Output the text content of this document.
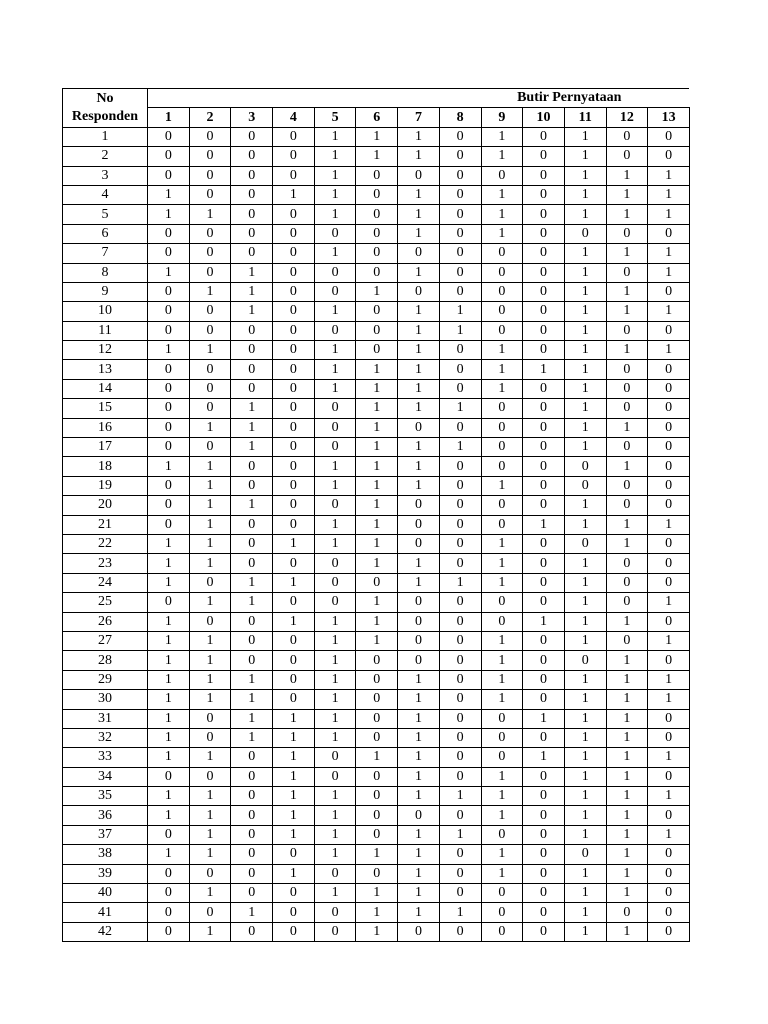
No
Responden	Butir Pernyataan												
	1	2	3	4	5	6	7	8	9	10	11	12	13
1	0	0	0	0	1	1	1	0	1	0	1	0	0
2	0	0	0	0	1	1	1	0	1	0	1	0	0
3	0	0	0	0	1	0	0	0	0	0	1	1	1
4	1	0	0	1	1	0	1	0	1	0	1	1	1
5	1	1	0	0	1	0	1	0	1	0	1	1	1
6	0	0	0	0	0	0	1	0	1	0	0	0	0
7	0	0	0	0	1	0	0	0	0	0	1	1	1
8	1	0	1	0	0	0	1	0	0	0	1	0	1
9	0	1	1	0	0	1	0	0	0	0	1	1	0
10	0	0	1	0	1	0	1	1	0	0	1	1	1
11	0	0	0	0	0	0	1	1	0	0	1	0	0
12	1	1	0	0	1	0	1	0	1	0	1	1	1
13	0	0	0	0	1	1	1	0	1	1	1	0	0
14	0	0	0	0	1	1	1	0	1	0	1	0	0
15	0	0	1	0	0	1	1	1	0	0	1	0	0
16	0	1	1	0	0	1	0	0	0	0	1	1	0
17	0	0	1	0	0	1	1	1	0	0	1	0	0
18	1	1	0	0	1	1	1	0	0	0	0	1	0
19	0	1	0	0	1	1	1	0	1	0	0	0	0
20	0	1	1	0	0	1	0	0	0	0	1	0	0
21	0	1	0	0	1	1	0	0	0	1	1	1	1
22	1	1	0	1	1	1	0	0	1	0	0	1	0
23	1	1	0	0	0	1	1	0	1	0	1	0	0
24	1	0	1	1	0	0	1	1	1	0	1	0	0
25	0	1	1	0	0	1	0	0	0	0	1	0	1
26	1	0	0	1	1	1	0	0	0	1	1	1	0
27	1	1	0	0	1	1	0	0	1	0	1	0	1
28	1	1	0	0	1	0	0	0	1	0	0	1	0
29	1	1	1	0	1	0	1	0	1	0	1	1	1
30	1	1	1	0	1	0	1	0	1	0	1	1	1
31	1	0	1	1	1	0	1	0	0	1	1	1	0
32	1	0	1	1	1	0	1	0	0	0	1	1	0
33	1	1	0	1	0	1	1	0	0	1	1	1	1
34	0	0	0	1	0	0	1	0	1	0	1	1	0
35	1	1	0	1	1	0	1	1	1	0	1	1	1
36	1	1	0	1	1	0	0	0	1	0	1	1	0
37	0	1	0	1	1	0	1	1	0	0	1	1	1
38	1	1	0	0	1	1	1	0	1	0	0	1	0
39	0	0	0	1	0	0	1	0	1	0	1	1	0
40	0	1	0	0	1	1	1	0	0	0	1	1	0
41	0	0	1	0	0	1	1	1	0	0	1	0	0
42	0	1	0	0	0	1	0	0	0	0	1	1	0
